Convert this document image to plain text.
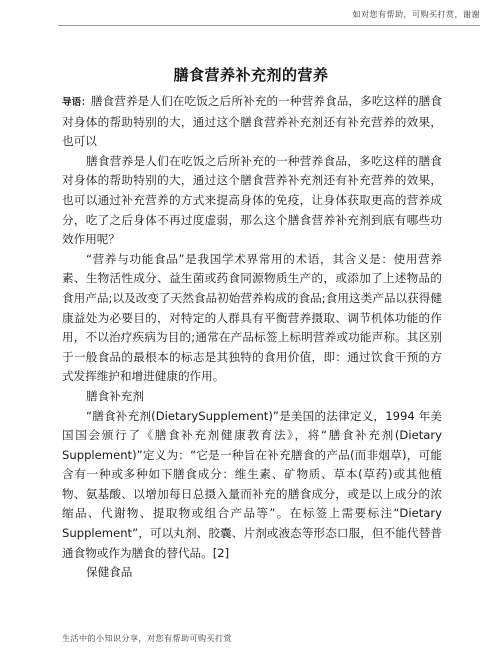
如对您有帮助，可购买打赏，谢谢
膳食营养补充剂的营养

导语：膳食营养是人们在吃饭之后所补充的一种营养食品，多吃这样的膳食对身体的帮助特别的大，通过这个膳食营养补充剂还有补充营养的效果，也可以

膳食营养是人们在吃饭之后所补充的一种营养食品，多吃这样的膳食对身体的帮助特别的大，通过这个膳食营养补充剂还有补充营养的效果，也可以通过补充营养的方式来提高身体的免疫，让身体获取更高的营养成分，吃了之后身体不再过度虚弱，那么这个膳食营养补充剂到底有哪些功效作用呢？

“营养与功能食品”是我国学术界常用的术语，其含义是：使用营养素、生物活性成分、益生菌或药食同源物质生产的，或添加了上述物品的食用产品;以及改变了天然食品初始营养构成的食品;食用这类产品以获得健康益处为必要目的，对特定的人群具有平衡营养摄取、调节机体功能的作用，不以治疗疾病为目的;通常在产品标签上标明营养或功能声称。其区别于一般食品的最根本的标志是其独特的食用价值，即：通过饮食干预的方式发挥维护和增进健康的作用。

膳食补充剂

“膳食补充剂(DietarySupplement)”是美国的法律定义，1994 年美国国会颁行了《膳食补充剂健康教育法》，将“膳食补充剂(Dietary Supplement)”定义为：“它是一种旨在补充膳食的产品(而非烟草)，可能含有一种或多种如下膳食成分：维生素、矿物质、草本(草药)或其他植物、氨基酸、以增加每日总摄入量而补充的膳食成分，或是以上成分的浓缩品、代谢物、提取物或组合产品等”。在标签上需要标注“Dietary Supplement”，可以丸剂、胶囊、片剂或液态等形态口服，但不能代替普通食物或作为膳食的替代品。[2]

保健食品

生活中的小知识分享，对您有帮助可购买打赏
